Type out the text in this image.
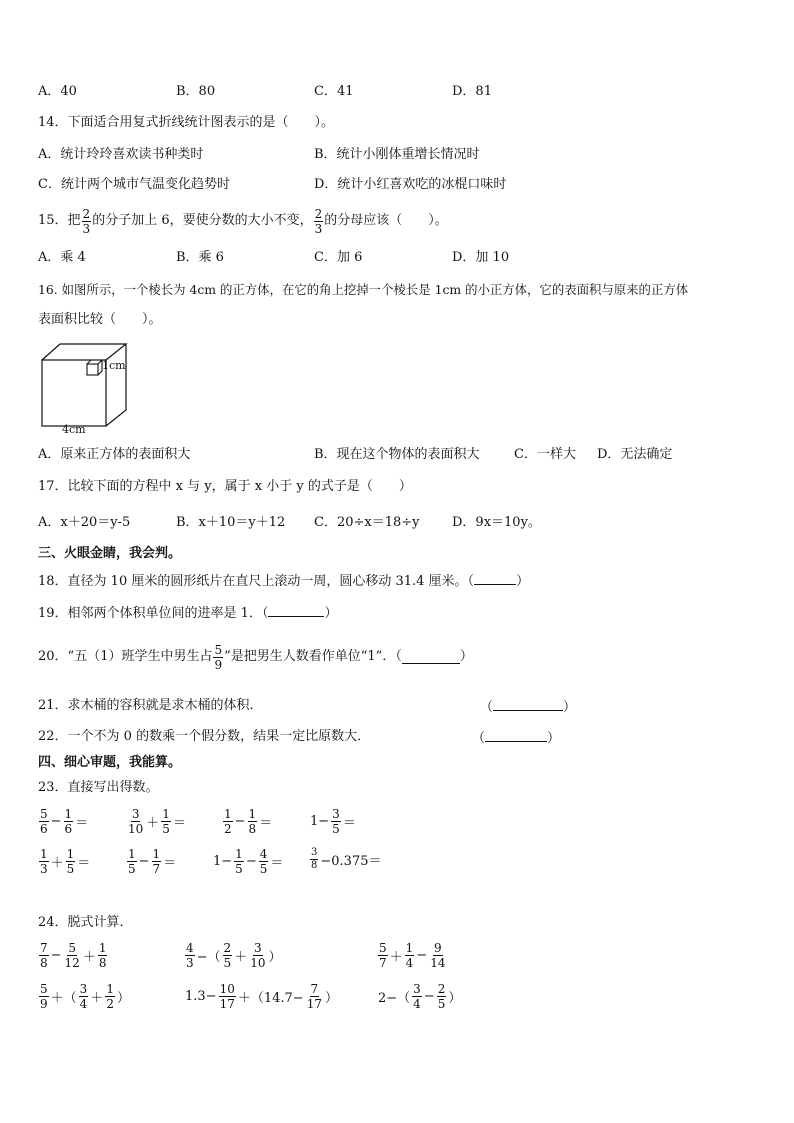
A．40	B．80	C．41	D．81
14．下面适合用复式折线统计图表示的是（　　）。
A．统计玲玲喜欢读书种类时	B．统计小刚体重增长情况时
C．统计两个城市气温变化趋势时	D．统计小红喜欢吃的冰棍口味时
15．把 $\frac{2}{3}$ 的分子加上 6，要使分数的大小不变， $\frac{2}{3}$ 的分母应该（　　）。
A．乘 4	B．乘 6	C．加 6	D．加 10
16. 如图所示，一个棱长为 4cm 的正方体，在它的角上挖掉一个棱长是 1cm 的小正方体，它的表面积与原来的正方体
表面积比较（　　）。
1cm
4cm
A．原来正方体的表面积大	B．现在这个物体的表面积大	C．一样大 D．无法确定
17．比较下面的方程中 x 与 y，属于 x 小于 y 的式子是（　　）
A．x＋20＝y-5	B．x＋10＝y＋12 C．20÷x＝18÷y	D．9x＝10y。
三、火眼金睛，我会判。
18．直径为 10 厘米的圆形纸片在直尺上滚动一周，圆心移动 31.4 厘米。（	）
19．相邻两个体积单位间的进率是 1．（	）
20．“五（1）班学生中男生占 $\frac{5}{9}$ ”是把男生人数看作单位“1”．（	）
21．求木桶的容积就是求木桶的体积．	（	）
22．一个不为 0 的数乘一个假分数，结果一定比原数大．	（	）
四、细心审题，我能算。
23．直接写出得数。
$\frac{5}{6} - \frac{1}{6}$ ＝	$\frac{3}{10} + \frac{1}{5}$ ＝	$\frac{1}{2} - \frac{1}{8}$ ＝	$1- \frac{3}{5}$ ＝
$\frac{1}{3} + \frac{1}{5}$ ＝	$\frac{1}{5} - \frac{1}{7}$ ＝	$1- \frac{1}{5} - \frac{4}{5}$ ＝	$\frac{3}{8} -0.375=$
24．脱式计算．
$\frac{7}{8} - \frac{5}{12} + \frac{1}{8}$	$\frac{4}{3}$ −（ $\frac{2}{5} + \frac{3}{10}$ ）	$\frac{5}{7} + \frac{1}{4} - \frac{9}{14}$
$\frac{5}{9}$ ＋（ $\frac{3}{4} + \frac{1}{2}$ ）	$1.3- \frac{10}{17} +(14.7- \frac{7}{17}$ ）	$2-( \frac{3}{4} - \frac{2}{5}$ ）
